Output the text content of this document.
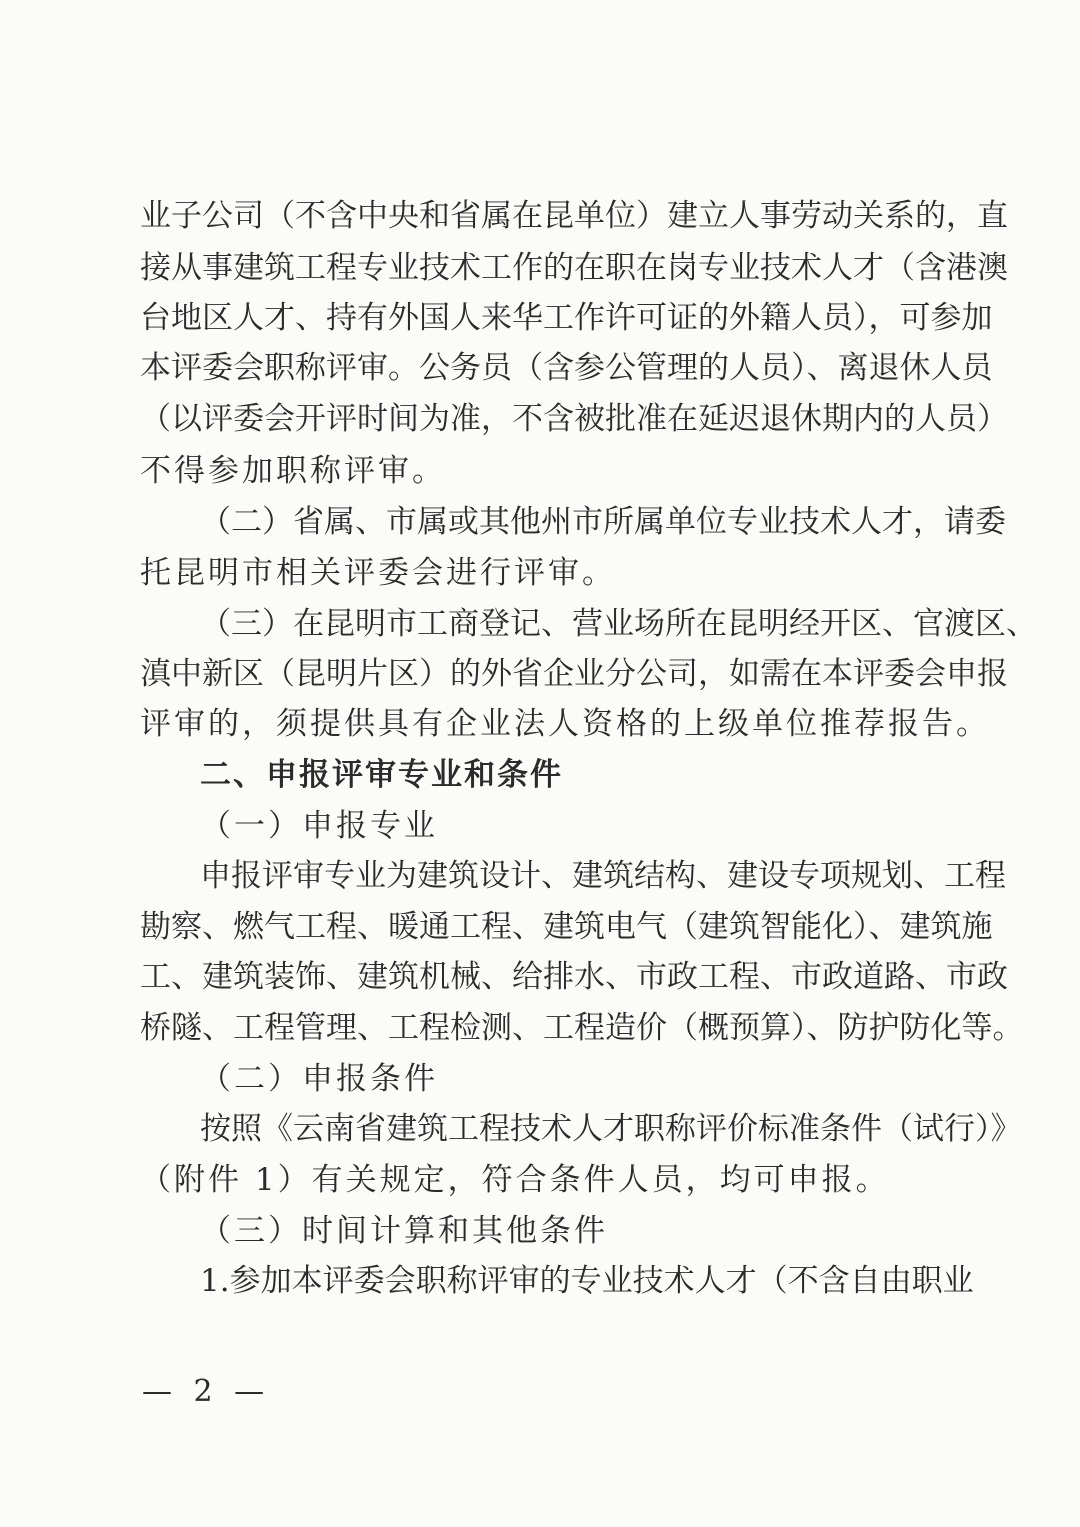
业子公司（不含中央和省属在昆单位）建立人事劳动关系的，直
接从事建筑工程专业技术工作的在职在岗专业技术人才（含港澳
台地区人才、持有外国人来华工作许可证的外籍人员），可参加
本评委会职称评审。公务员（含参公管理的人员）、离退休人员
（以评委会开评时间为准，不含被批准在延迟退休期内的人员）
不得参加职称评审。
（二）省属、市属或其他州市所属单位专业技术人才，请委
托昆明市相关评委会进行评审。
（三）在昆明市工商登记、营业场所在昆明经开区、官渡区、
滇中新区（昆明片区）的外省企业分公司，如需在本评委会申报
评审的，须提供具有企业法人资格的上级单位推荐报告。
二、申报评审专业和条件
（一）申报专业
申报评审专业为建筑设计、建筑结构、建设专项规划、工程
勘察、燃气工程、暖通工程、建筑电气（建筑智能化）、建筑施
工、建筑装饰、建筑机械、给排水、市政工程、市政道路、市政
桥隧、工程管理、工程检测、工程造价（概预算）、防护防化等。
（二）申报条件
按照《云南省建筑工程技术人才职称评价标准条件（试行）》
（附件 1）有关规定，符合条件人员，均可申报。
（三）时间计算和其他条件
1.参加本评委会职称评审的专业技术人才（不含自由职业
— 2 —
